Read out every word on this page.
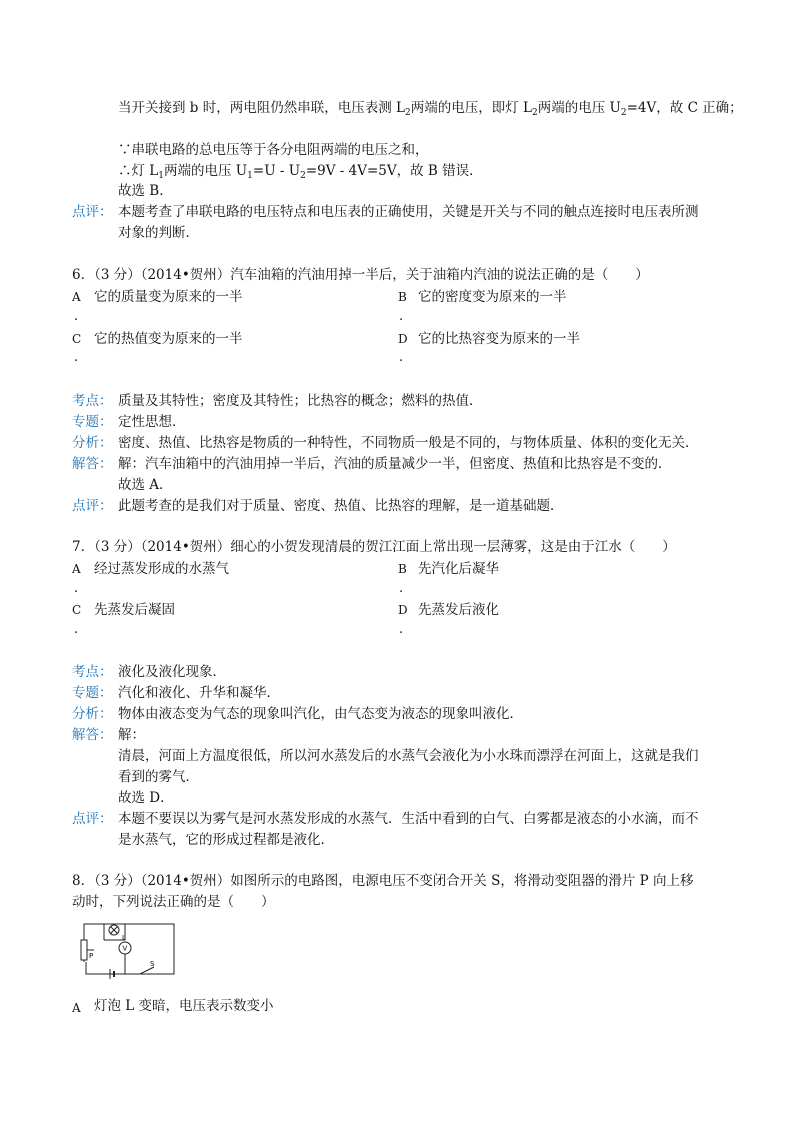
当开关接到 b 时，两电阻仍然串联，电压表测 $L_2$两端的电压，即灯 $L_2$两端的电压 $U_2=4V$，故 C 正确；
∵串联电路的总电压等于各分电阻两端的电压之和，
∴灯 $L_1$两端的电压 $U_1=U - U_2=9V - 4V=5V$，故 B 错误．
故选 B．
点评： 本题考查了串联电路的电压特点和电压表的正确使用，关键是开关与不同的触点连接时电压表所测
对象的判断．
6．（3 分）（2014•贺州）汽车油箱的汽油用掉一半后，关于油箱内汽油的说法正确的是（　　）
A 它的质量变为原来的一半
.
B 它的密度变为原来的一半
.
C 它的热值变为原来的一半
.
D 它的比热容变为原来的一半
.
考点： 质量及其特性；密度及其特性；比热容的概念；燃料的热值．
专题： 定性思想．
分析： 密度、热值、比热容是物质的一种特性，不同物质一般是不同的，与物体质量、体积的变化无关．
解答： 解：汽车油箱中的汽油用掉一半后，汽油的质量减少一半，但密度、热值和比热容是不变的．
故选 A．
点评： 此题考查的是我们对于质量、密度、热值、比热容的理解，是一道基础题．
7．（3 分）（2014•贺州）细心的小贺发现清晨的贺江江面上常出现一层薄雾，这是由于江水（　　）
A 经过蒸发形成的水蒸气
.
B 先汽化后凝华
.
C 先蒸发后凝固
.
D 先蒸发后液化
.
考点： 液化及液化现象．
专题： 汽化和液化、升华和凝华．
分析： 物体由液态变为气态的现象叫汽化，由气态变为液态的现象叫液化．
解答： 解：
清晨，河面上方温度很低，所以河水蒸发后的水蒸气会液化为小水珠而漂浮在河面上，这就是我们
看到的雾气．
故选 D．
点评： 本题不要误以为雾气是河水蒸发形成的水蒸气．生活中看到的白气、白雾都是液态的小水滴，而不
是水蒸气，它的形成过程都是液化．
8．（3 分）（2014•贺州）如图所示的电路图，电源电压不变闭合开关 S，将滑动变阻器的滑片 P 向上移
动时，下列说法正确的是（　　）
L
V
P
S
A 灯泡 L 变暗，电压表示数变小
